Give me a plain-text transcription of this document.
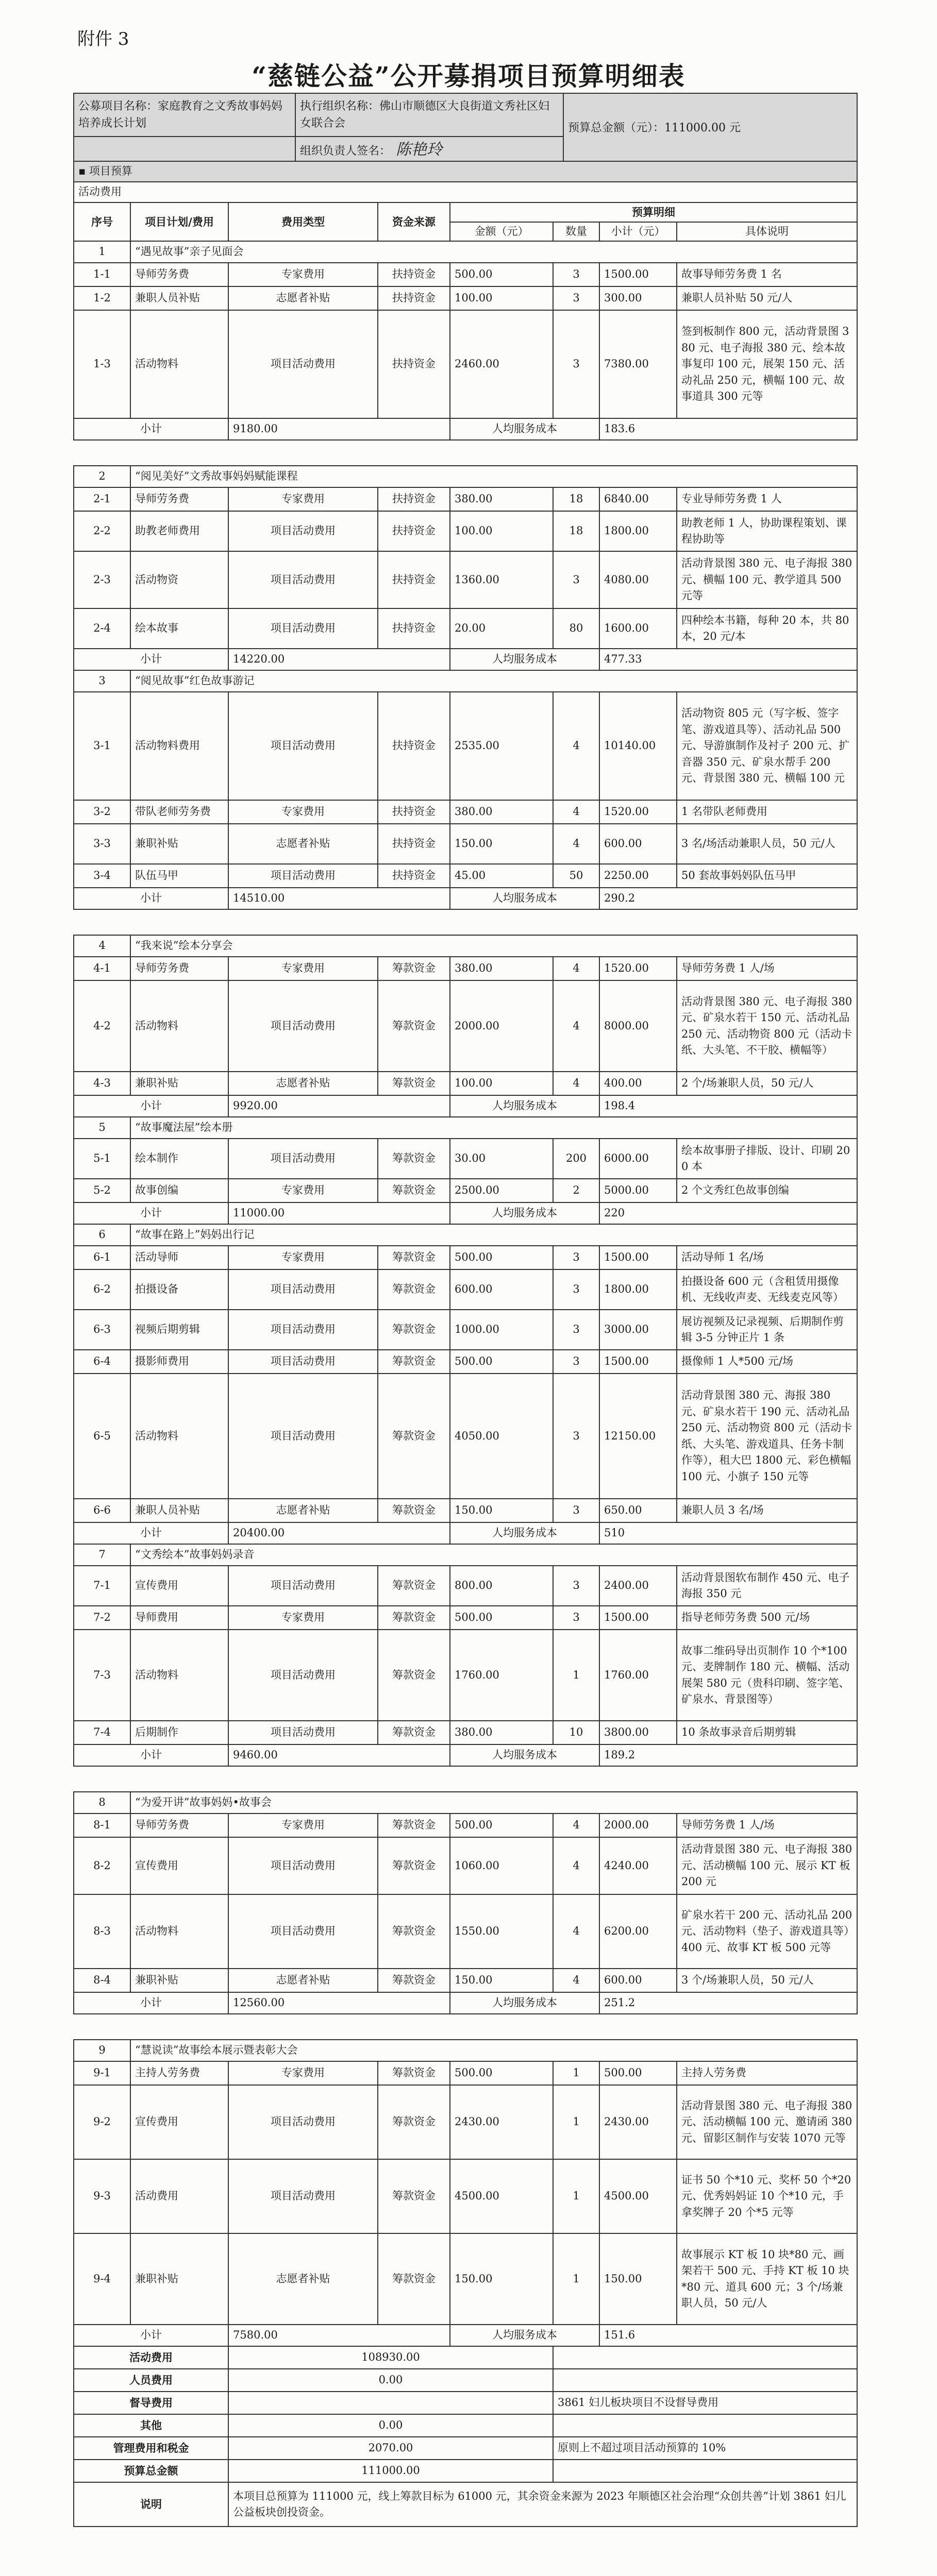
附件 3
“慈链公益”公开募捐项目预算明细表
公募项目名称：家庭教育之文秀故事妈妈培养成长计划	执行组织名称：佛山市顺德区大良街道文秀社区妇女联合会	预算总金额（元）：111000.00 元
	组织负责人签名： 陈艳玲	
▪ 项目预算							
活动费用							
序号	项目计划/费用	费用类型	资金来源	预算明细			
				金额（元）	数量	小计（元）	具体说明
1	“遇见故事”亲子见面会						
1-1	导师劳务费	专家费用	扶持资金	500.00	3	1500.00	故事导师劳务费 1 名
1-2	兼职人员补贴	志愿者补贴	扶持资金	100.00	3	300.00	兼职人员补贴 50 元/人
1-3	活动物料	项目活动费用	扶持资金	2460.00	3	7380.00	签到板制作 800 元，活动背景图 380 元、电子海报 380 元、绘本故事复印 100 元，展架 150 元、活动礼品 250 元，横幅 100 元、故事道具 300 元等
小计		9180.00		人均服务成本		183.6	

2	“阅见美好”文秀故事妈妈赋能课程						
2-1	导师劳务费	专家费用	扶持资金	380.00	18	6840.00	专业导师劳务费 1 人
2-2	助教老师费用	项目活动费用	扶持资金	100.00	18	1800.00	助教老师 1 人，协助课程策划、课程协助等
2-3	活动物资	项目活动费用	扶持资金	1360.00	3	4080.00	活动背景图 380 元、电子海报 380 元、横幅 100 元、教学道具 500 元等
2-4	绘本故事	项目活动费用	扶持资金	20.00	80	1600.00	四种绘本书籍，每种 20 本，共 80 本，20 元/本
小计		14220.00		人均服务成本		477.33	
3	“阅见故事”红色故事游记						
3-1	活动物料费用	项目活动费用	扶持资金	2535.00	4	10140.00	活动物资 805 元（写字板、签字笔、游戏道具等）、活动礼品 500 元、导游旗制作及衬子 200 元、扩音器 350 元、矿泉水帮手 200 元、背景图 380 元、横幅 100 元
3-2	带队老师劳务费	专家费用	扶持资金	380.00	4	1520.00	1 名带队老师费用
3-3	兼职补贴	志愿者补贴	扶持资金	150.00	4	600.00	3 名/场活动兼职人员，50 元/人
3-4	队伍马甲	项目活动费用	扶持资金	45.00	50	2250.00	50 套故事妈妈队伍马甲
小计		14510.00		人均服务成本		290.2	

4	“我来说”绘本分享会						
4-1	导师劳务费	专家费用	筹款资金	380.00	4	1520.00	导师劳务费 1 人/场
4-2	活动物料	项目活动费用	筹款资金	2000.00	4	8000.00	活动背景图 380 元、电子海报 380 元、矿泉水若干 150 元、活动礼品 250 元、活动物资 800 元（活动卡纸、大头笔、不干胶、横幅等）
4-3	兼职补贴	志愿者补贴	筹款资金	100.00	4	400.00	2 个/场兼职人员，50 元/人
小计		9920.00		人均服务成本		198.4	
5	“故事魔法屋”绘本册						
5-1	绘本制作	项目活动费用	筹款资金	30.00	200	6000.00	绘本故事册子排版、设计、印刷 200 本
5-2	故事创编	专家费用	筹款资金	2500.00	2	5000.00	2 个文秀红色故事创编
小计		11000.00		人均服务成本		220	
6	“故事在路上”妈妈出行记						
6-1	活动导师	专家费用	筹款资金	500.00	3	1500.00	活动导师 1 名/场
6-2	拍摄设备	项目活动费用	筹款资金	600.00	3	1800.00	拍摄设备 600 元（含租赁用摄像机、无线收声麦、无线麦克风等）
6-3	视频后期剪辑	项目活动费用	筹款资金	1000.00	3	3000.00	展访视频及记录视频、后期制作剪辑 3-5 分钟正片 1 条
6-4	摄影师费用	项目活动费用	筹款资金	500.00	3	1500.00	摄像师 1 人*500 元/场
6-5	活动物料	项目活动费用	筹款资金	4050.00	3	12150.00	活动背景图 380 元、海报 380 元、矿泉水若干 190 元、活动礼品 250 元、活动物资 800 元（活动卡纸、大头笔、游戏道具、任务卡制作等），租大巴 1800 元、彩色横幅 100 元、小旗子 150 元等
6-6	兼职人员补贴	志愿者补贴	筹款资金	150.00	3	650.00	兼职人员 3 名/场
小计		20400.00		人均服务成本		510	
7	“文秀绘本”故事妈妈录音						
7-1	宣传费用	项目活动费用	筹款资金	800.00	3	2400.00	活动背景图软布制作 450 元、电子海报 350 元
7-2	导师费用	专家费用	筹款资金	500.00	3	1500.00	指导老师劳务费 500 元/场
7-3	活动物料	项目活动费用	筹款资金	1760.00	1	1760.00	故事二维码导出页制作 10 个*100 元、麦牌制作 180 元、横幅、活动展架 580 元（贵科印刷、签字笔、矿泉水、背景图等）
7-4	后期制作	项目活动费用	筹款资金	380.00	10	3800.00	10 条故事录音后期剪辑
小计		9460.00		人均服务成本		189.2	

8	“为爱开讲”故事妈妈•故事会						
8-1	导师劳务费	专家费用	筹款资金	500.00	4	2000.00	导师劳务费 1 人/场
8-2	宣传费用	项目活动费用	筹款资金	1060.00	4	4240.00	活动背景图 380 元、电子海报 380 元、活动横幅 100 元、展示 KT 板 200 元
8-3	活动物料	项目活动费用	筹款资金	1550.00	4	6200.00	矿泉水若干 200 元、活动礼品 200 元、活动物料（垫子、游戏道具等）400 元、故事 KT 板 500 元等
8-4	兼职补贴	志愿者补贴	筹款资金	150.00	4	600.00	3 个/场兼职人员，50 元/人
小计		12560.00		人均服务成本		251.2	

9	“慧说读”故事绘本展示暨表彰大会						
9-1	主持人劳务费	专家费用	筹款资金	500.00	1	500.00	主持人劳务费
9-2	宣传费用	项目活动费用	筹款资金	2430.00	1	2430.00	活动背景图 380 元、电子海报 380 元、活动横幅 100 元、邀请函 380 元、留影区制作与安装 1070 元等
9-3	活动费用	项目活动费用	筹款资金	4500.00	1	4500.00	证书 50 个*10 元、奖杯 50 个*20 元、优秀妈妈证 10 个*10 元，手拿奖牌子 20 个*5 元等
9-4	兼职补贴	志愿者补贴	筹款资金	150.00	1	150.00	故事展示 KT 板 10 块*80 元、画架若干 500 元、手持 KT 板 10 块*80 元、道具 600 元；3 个/场兼职人员，50 元/人
小计		7580.00		人均服务成本		151.6	
活动费用		108930.00					
人员费用		0.00					
督导费用					3861 妇儿板块项目不设督导费用		
其他		0.00					
管理费用和税金		2070.00			原则上不超过项目活动预算的 10%		
预算总金额		111000.00					
说明		本项目总预算为 111000 元，线上筹款目标为 61000 元，其余资金来源为 2023 年顺德区社会治理“众创共善”计划 3861 妇儿公益板块创投资金。					
